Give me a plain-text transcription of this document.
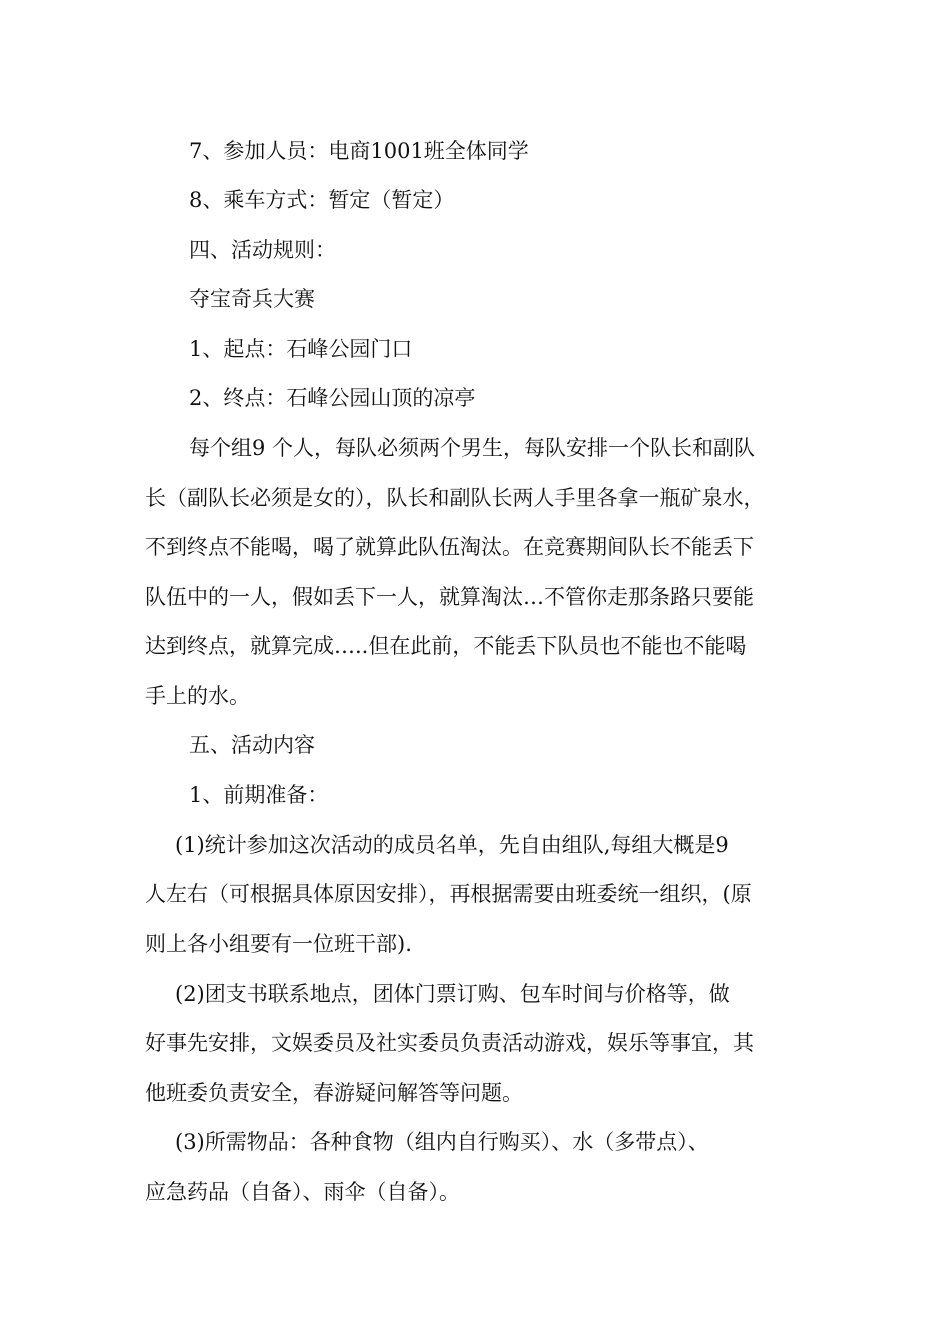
7、参加人员：电商1001班全体同学
8、乘车方式：暂定（暂定）
四、活动规则：
夺宝奇兵大赛
1、起点：石峰公园门口
2、终点：石峰公园山顶的凉亭
每个组9 个人，每队必须两个男生，每队安排一个队长和副队
长（副队长必须是女的），队长和副队长两人手里各拿一瓶矿泉水，
不到终点不能喝，喝了就算此队伍淘汰。在竞赛期间队长不能丢下
队伍中的一人，假如丢下一人，就算淘汰…不管你走那条路只要能
达到终点，就算完成…..但在此前，不能丢下队员也不能也不能喝
手上的水。
五、活动内容
1、前期准备：
(1)统计参加这次活动的成员名单，先自由组队,每组大概是9
人左右（可根据具体原因安排），再根据需要由班委统一组织，(原
则上各小组要有一位班干部).
(2)团支书联系地点，团体门票订购、包车时间与价格等，做
好事先安排，文娱委员及社实委员负责活动游戏，娱乐等事宜，其
他班委负责安全，春游疑问解答等问题。
(3)所需物品：各种食物（组内自行购买）、水（多带点）、
应急药品（自备）、雨伞（自备）。
